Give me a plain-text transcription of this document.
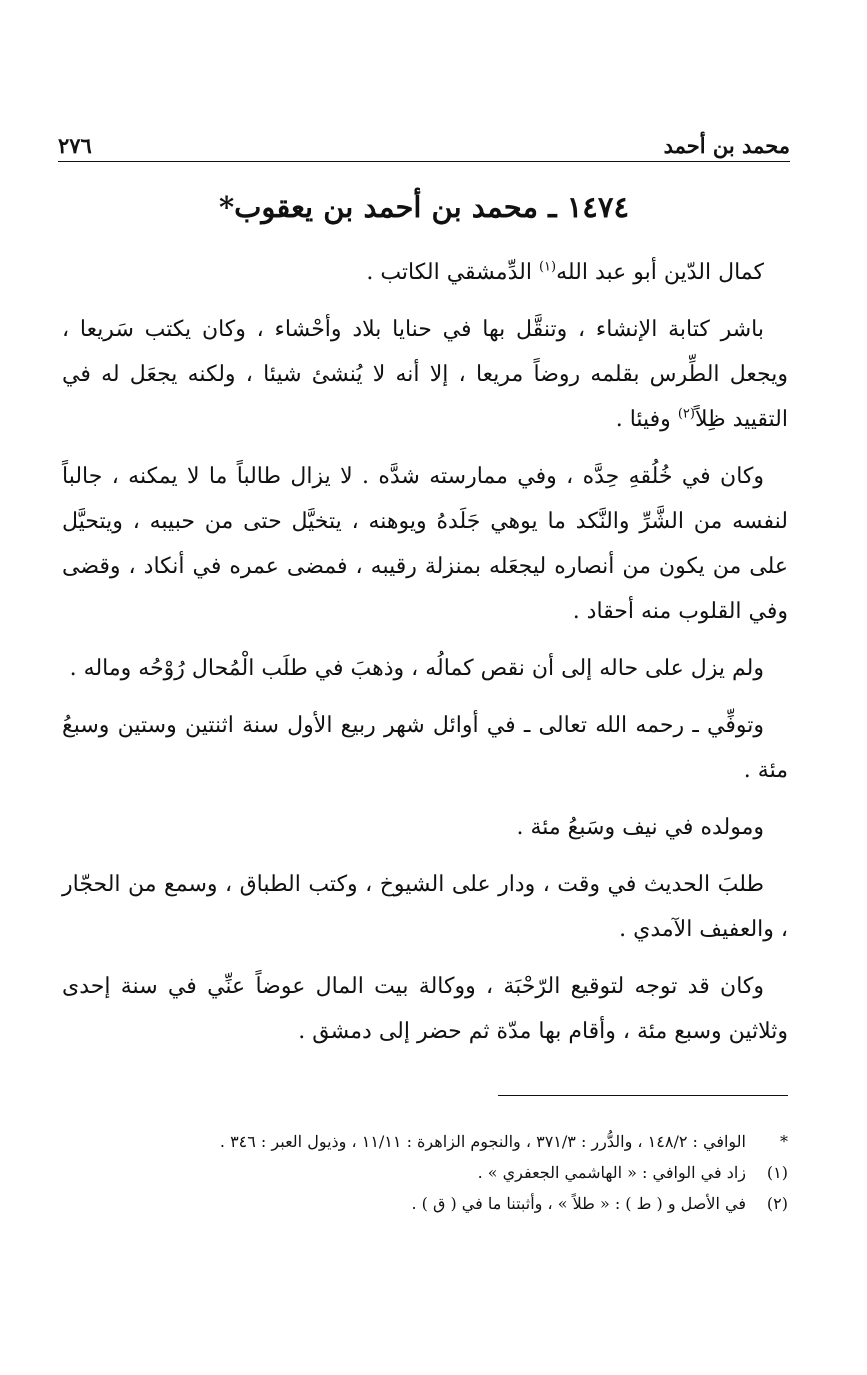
محمد بن أحمد
٢٧٦
١٤٧٤ ـ محمد بن أحمد بن يعقوب*

كمال الدّين أبو عبد الله$^{(١)}$ الدِّمشقي الكاتب .

باشر كتابة الإنشاء ، وتنقَّل بها في حنايا بلاد وأحْشاء ، وكان يكتب سَريعا ، ويجعل الطِّرس بقلمه روضاً مريعا ، إلا أنه لا يُنشئ شيئا ، ولكنه يجعَل له في التقييد ظِلاً$^{(٢)}$ وفيئا .

وكان في خُلُقهِ حِدَّه ، وفي ممارسته شدَّه . لا يزال طالباً ما لا يمكنه ، جالباً لنفسه من الشَّرِّ والنَّكد ما يوهي جَلَدهُ ويوهنه ، يتخيَّل حتى من حبيبه ، ويتحيَّل على من يكون من أنصاره ليجعَله بمنزلة رقيبه ، فمضى عمره في أنكاد ، وقضى وفي القلوب منه أحقاد .

ولم يزل على حاله إلى أن نقص كمالُه ، وذهبَ في طلَب الْمُحال رُوْحُه وماله .

وتوفِّي ـ رحمه الله تعالى ـ في أوائل شهر ربيع الأول سنة اثنتين وستين وسبعُ مئة .

ومولده في نيف وسَبعُ مئة .

طلبَ الحديث في وقت ، ودار على الشيوخ ، وكتب الطباق ، وسمع من الحجّار ، والعفيف الآمدي .

وكان قد توجه لتوقيع الرّحْبَة ، ووكالة بيت المال عوضاً عنِّي في سنة إحدى وثلاثين وسبع مئة ، وأقام بها مدّة ثم حضر إلى دمشق .

*
الوافي : ١٤٨/٢ ، والدُّرر : ٣٧١/٣ ، والنجوم الزاهرة : ١١/١١ ، وذيول العبر : ٣٤٦ .
(١)
زاد في الوافي : « الهاشمي الجعفري » .
(٢)
في الأصل و ( ط ) : « طلاً » ، وأثبتنا ما في ( ق ) .
